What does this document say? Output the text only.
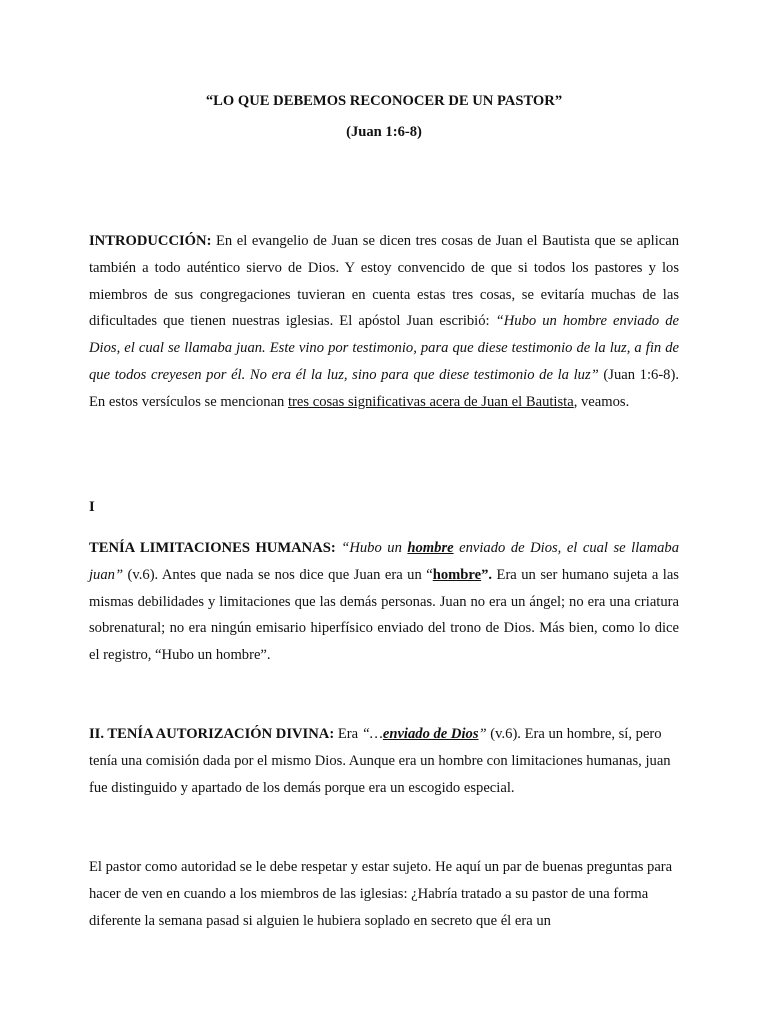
“LO QUE DEBEMOS RECONOCER DE UN PASTOR”
(Juan 1:6-8)
INTRODUCCIÓN: En el evangelio de Juan se dicen tres cosas de Juan el Bautista que se aplican también a todo auténtico siervo de Dios. Y estoy convencido de que si todos los pastores y los miembros de sus congregaciones tuvieran en cuenta estas tres cosas, se evitaría muchas de las dificultades que tienen nuestras iglesias. El apóstol Juan escribió: “Hubo un hombre enviado de Dios, el cual se llamaba juan. Este vino por testimonio, para que diese testimonio de la luz, a fin de que todos creyesen por él. No era él la luz, sino para que diese testimonio de la luz” (Juan 1:6-8). En estos versículos se mencionan tres cosas significativas acera de Juan el Bautista, veamos.
I
TENÍA LIMITACIONES HUMANAS: “Hubo un hombre enviado de Dios, el cual se llamaba juan” (v.6). Antes que nada se nos dice que Juan era un “hombre”. Era un ser humano sujeta a las mismas debilidades y limitaciones que las demás personas. Juan no era un ángel; no era una criatura sobrenatural; no era ningún emisario hiperfísico enviado del trono de Dios. Más bien, como lo dice el registro, “Hubo un hombre”.
II. TENÍA AUTORIZACIÓN DIVINA: Era “…enviado de Dios” (v.6). Era un hombre, sí, pero tenía una comisión dada por el mismo Dios. Aunque era un hombre con limitaciones humanas, juan fue distinguido y apartado de los demás porque era un escogido especial.
El pastor como autoridad se le debe respetar y estar sujeto. He aquí un par de buenas preguntas para hacer de ven en cuando a los miembros de las iglesias: ¿Habría tratado a su pastor de una forma diferente la semana pasad si alguien le hubiera soplado en secreto que él era un
